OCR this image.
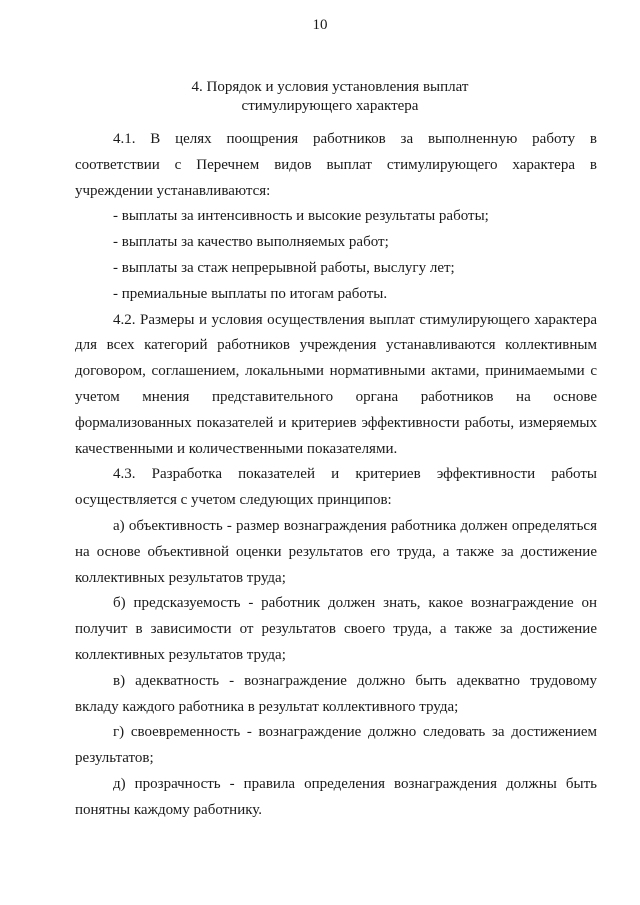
10
4. Порядок и условия установления выплат
стимулирующего характера

4.1. В целях поощрения работников за выполненную работу в соответствии с Перечнем видов выплат стимулирующего характера в учреждении устанавливаются:

- выплаты за интенсивность и высокие результаты работы;

- выплаты за качество выполняемых работ;

- выплаты за стаж непрерывной работы, выслугу лет;

- премиальные выплаты по итогам работы.

4.2. Размеры и условия осуществления выплат стимулирующего характера для всех категорий работников учреждения устанавливаются коллективным договором, соглашением, локальными нормативными актами, принимаемыми с учетом мнения представительного органа работников на основе формализованных показателей и критериев эффективности работы, измеряемых качественными и количественными показателями.

4.3. Разработка показателей и критериев эффективности работы осуществляется с учетом следующих принципов:

а) объективность - размер вознаграждения работника должен определяться на основе объективной оценки результатов его труда, а также за достижение коллективных результатов труда;

б) предсказуемость - работник должен знать, какое вознаграждение он получит в зависимости от результатов своего труда, а также за достижение коллективных результатов труда;

в) адекватность - вознаграждение должно быть адекватно трудовому вкладу каждого работника в результат коллективного труда;

г) своевременность - вознаграждение должно следовать за достижением результатов;

д) прозрачность - правила определения вознаграждения должны быть понятны каждому работнику.
